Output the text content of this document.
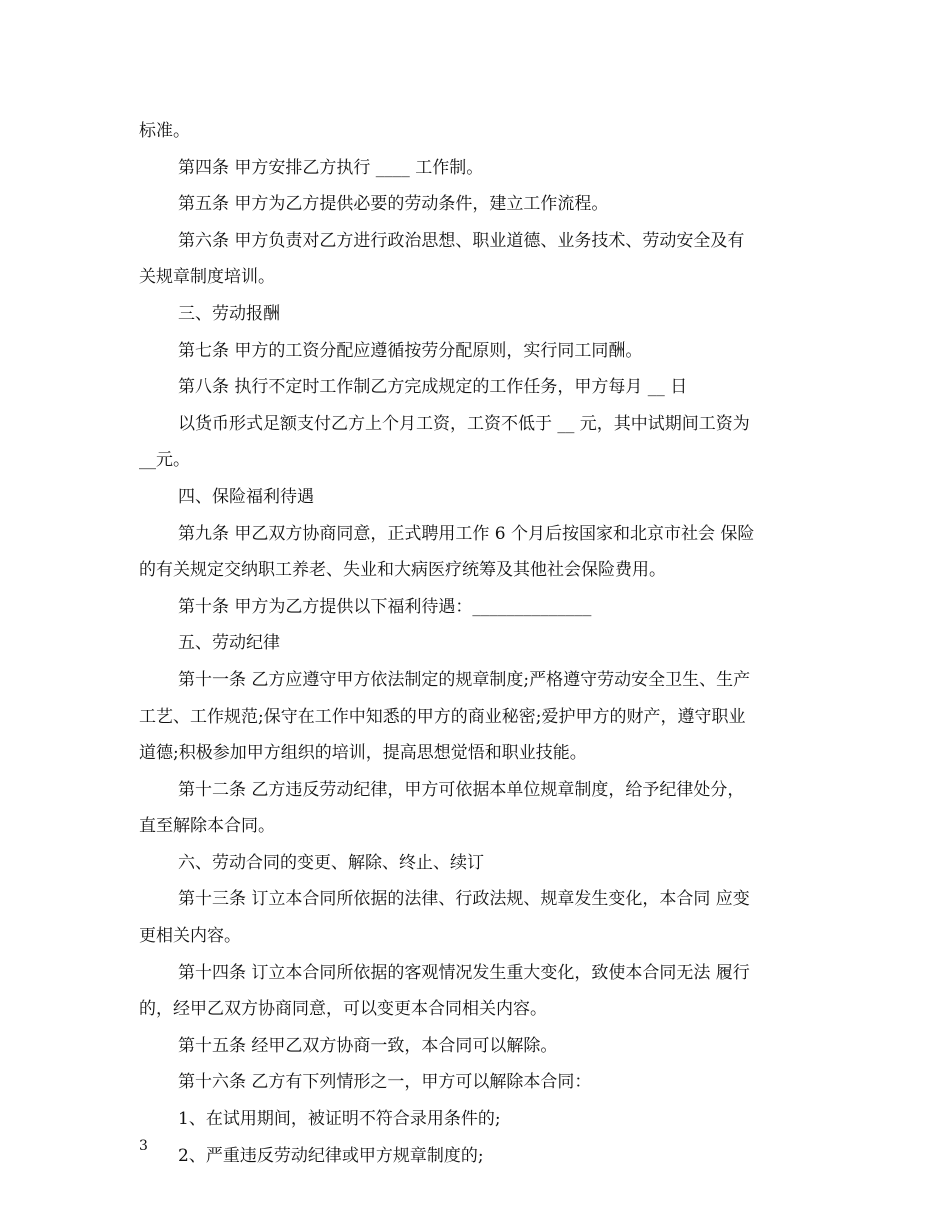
标准。
第四条 甲方安排乙方执行 ____ 工作制。
第五条 甲方为乙方提供必要的劳动条件，建立工作流程。
第六条 甲方负责对乙方进行政治思想、职业道德、业务技术、劳动安全及有
关规章制度培训。
三、劳动报酬
第七条 甲方的工资分配应遵循按劳分配原则，实行同工同酬。
第八条 执行不定时工作制乙方完成规定的工作任务，甲方每月 __ 日
以货币形式足额支付乙方上个月工资，工资不低于 __ 元，其中试期间工资为
__元。
四、保险福利待遇
第九条 甲乙双方协商同意，正式聘用工作 6 个月后按国家和北京市社会 保险
的有关规定交纳职工养老、失业和大病医疗统筹及其他社会保险费用。
第十条 甲方为乙方提供以下福利待遇：______________
五、劳动纪律
第十一条 乙方应遵守甲方依法制定的规章制度;严格遵守劳动安全卫生、生产
工艺、工作规范;保守在工作中知悉的甲方的商业秘密;爱护甲方的财产，遵守职业
道德;积极参加甲方组织的培训，提高思想觉悟和职业技能。
第十二条 乙方违反劳动纪律，甲方可依据本单位规章制度，给予纪律处分，
直至解除本合同。
六、劳动合同的变更、解除、终止、续订
第十三条 订立本合同所依据的法律、行政法规、规章发生变化，本合同 应变
更相关内容。
第十四条 订立本合同所依据的客观情况发生重大变化，致使本合同无法 履行
的，经甲乙双方协商同意，可以变更本合同相关内容。
第十五条 经甲乙双方协商一致，本合同可以解除。
第十六条 乙方有下列情形之一，甲方可以解除本合同：
1、在试用期间，被证明不符合录用条件的;
2、严重违反劳动纪律或甲方规章制度的;
3
